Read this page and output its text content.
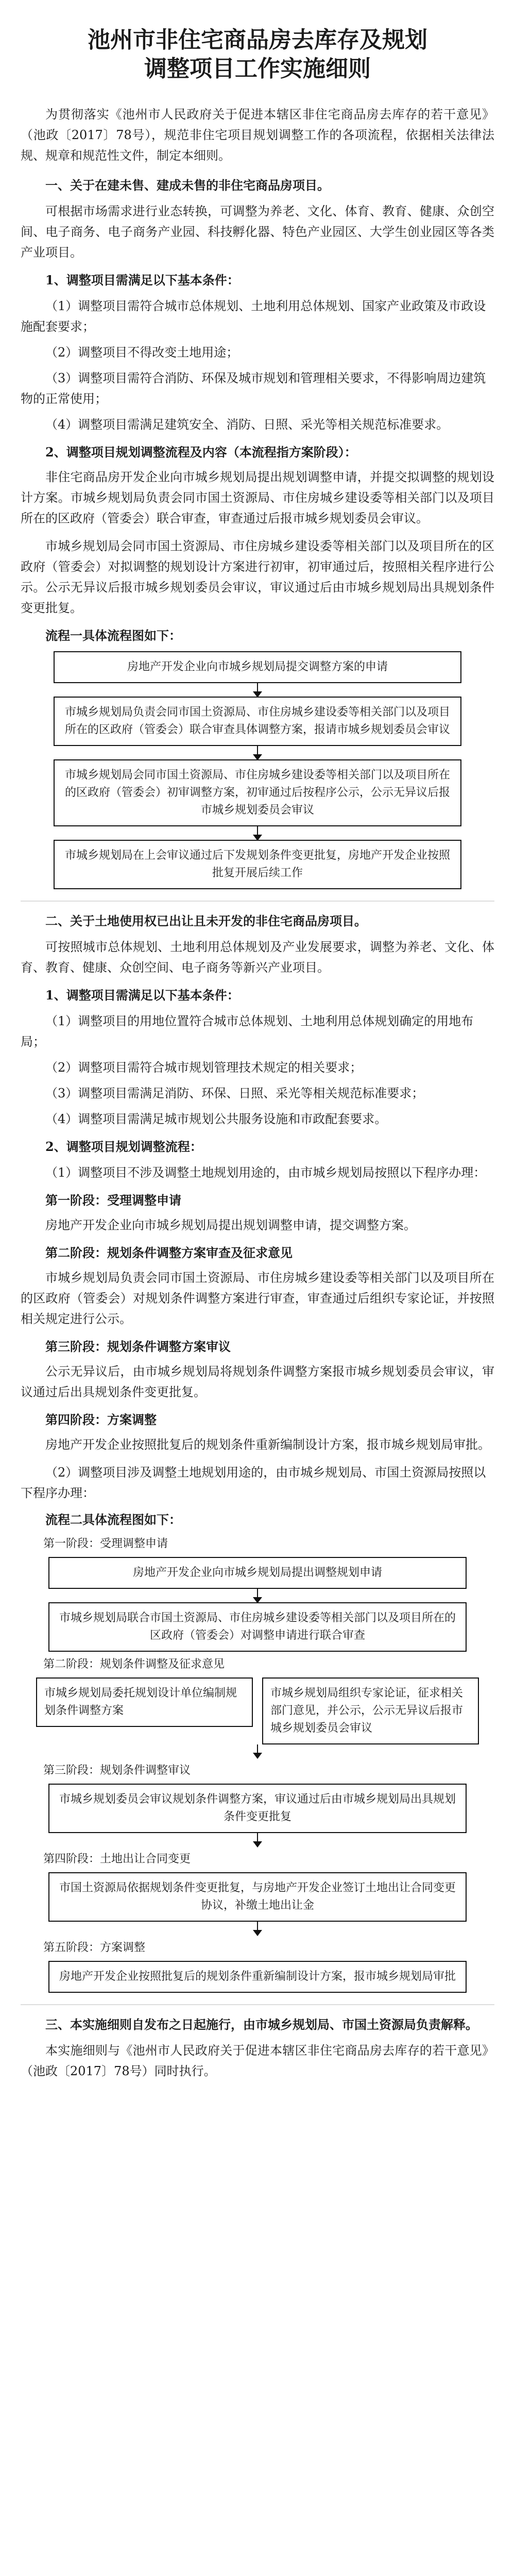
池州市非住宅商品房去库存及规划
调整项目工作实施细则

为贯彻落实《池州市人民政府关于促进本辖区非住宅商品房去库存的若干意见》（池政〔2017〕78号），规范非住宅项目规划调整工作的各项流程，依据相关法律法规、规章和规范性文件，制定本细则。

一、关于在建未售、建成未售的非住宅商品房项目。

可根据市场需求进行业态转换，可调整为养老、文化、体育、教育、健康、众创空间、电子商务、电子商务产业园、科技孵化器、特色产业园区、大学生创业园区等各类产业项目。

1、调整项目需满足以下基本条件：
（1）调整项目需符合城市总体规划、土地利用总体规划、国家产业政策及市政设施配套要求；
（2）调整项目不得改变土地用途；
（3）调整项目需符合消防、环保及城市规划和管理相关要求，不得影响周边建筑物的正常使用；
（4）调整项目需满足建筑安全、消防、日照、采光等相关规范标准要求。
2、调整项目规划调整流程及内容（本流程指方案阶段）：

非住宅商品房开发企业向市城乡规划局提出规划调整申请，并提交拟调整的规划设计方案。市城乡规划局负责会同市国土资源局、市住房城乡建设委等相关部门以及项目所在的区政府（管委会）联合审查，审查通过后报市城乡规划委员会审议。

市城乡规划局会同市国土资源局、市住房城乡建设委等相关部门以及项目所在的区政府（管委会）对拟调整的规划设计方案进行初审，初审通过后，按照相关程序进行公示。公示无异议后报市城乡规划委员会审议，审议通过后由市城乡规划局出具规划条件变更批复。

流程一具体流程图如下：
房地产开发企业向市城乡规划局提交调整方案的申请
市城乡规划局负责会同市国土资源局、市住房城乡建设委等相关部门以及项目所在的区政府（管委会）联合审查具体调整方案，报请市城乡规划委员会审议
市城乡规划局会同市国土资源局、市住房城乡建设委等相关部门以及项目所在的区政府（管委会）初审调整方案，初审通过后按程序公示，公示无异议后报市城乡规划委员会审议
市城乡规划局在上会审议通过后下发规划条件变更批复，房地产开发企业按照批复开展后续工作
二、关于土地使用权已出让且未开发的非住宅商品房项目。

可按照城市总体规划、土地利用总体规划及产业发展要求，调整为养老、文化、体育、教育、健康、众创空间、电子商务等新兴产业项目。

1、调整项目需满足以下基本条件：
（1）调整项目的用地位置符合城市总体规划、土地利用总体规划确定的用地布局；
（2）调整项目需符合城市规划管理技术规定的相关要求；
（3）调整项目需满足消防、环保、日照、采光等相关规范标准要求；
（4）调整项目需满足城市规划公共服务设施和市政配套要求。
2、调整项目规划调整流程：
（1）调整项目不涉及调整土地规划用途的，由市城乡规划局按照以下程序办理：
第一阶段：受理调整申请

房地产开发企业向市城乡规划局提出规划调整申请，提交调整方案。

第二阶段：规划条件调整方案审查及征求意见

市城乡规划局负责会同市国土资源局、市住房城乡建设委等相关部门以及项目所在的区政府（管委会）对规划条件调整方案进行审查，审查通过后组织专家论证，并按照相关规定进行公示。

第三阶段：规划条件调整方案审议

公示无异议后，由市城乡规划局将规划条件调整方案报市城乡规划委员会审议，审议通过后出具规划条件变更批复。

第四阶段：方案调整

房地产开发企业按照批复后的规划条件重新编制设计方案，报市城乡规划局审批。

（2）调整项目涉及调整土地规划用途的，由市城乡规划局、市国土资源局按照以下程序办理：
流程二具体流程图如下：
第一阶段：受理调整申请
房地产开发企业向市城乡规划局提出调整规划申请
市城乡规划局联合市国土资源局、市住房城乡建设委等相关部门以及项目所在的区政府（管委会）对调整申请进行联合审查
第二阶段：规划条件调整及征求意见
市城乡规划局委托规划设计单位编制规划条件调整方案
市城乡规划局组织专家论证，征求相关部门意见，并公示，公示无异议后报市城乡规划委员会审议
第三阶段：规划条件调整审议
市城乡规划委员会审议规划条件调整方案，审议通过后由市城乡规划局出具规划条件变更批复
第四阶段：土地出让合同变更
市国土资源局依据规划条件变更批复，与房地产开发企业签订土地出让合同变更协议，补缴土地出让金
第五阶段：方案调整
房地产开发企业按照批复后的规划条件重新编制设计方案，报市城乡规划局审批
三、本实施细则自发布之日起施行，由市城乡规划局、市国土资源局负责解释。

本实施细则与《池州市人民政府关于促进本辖区非住宅商品房去库存的若干意见》（池政〔2017〕78号）同时执行。
